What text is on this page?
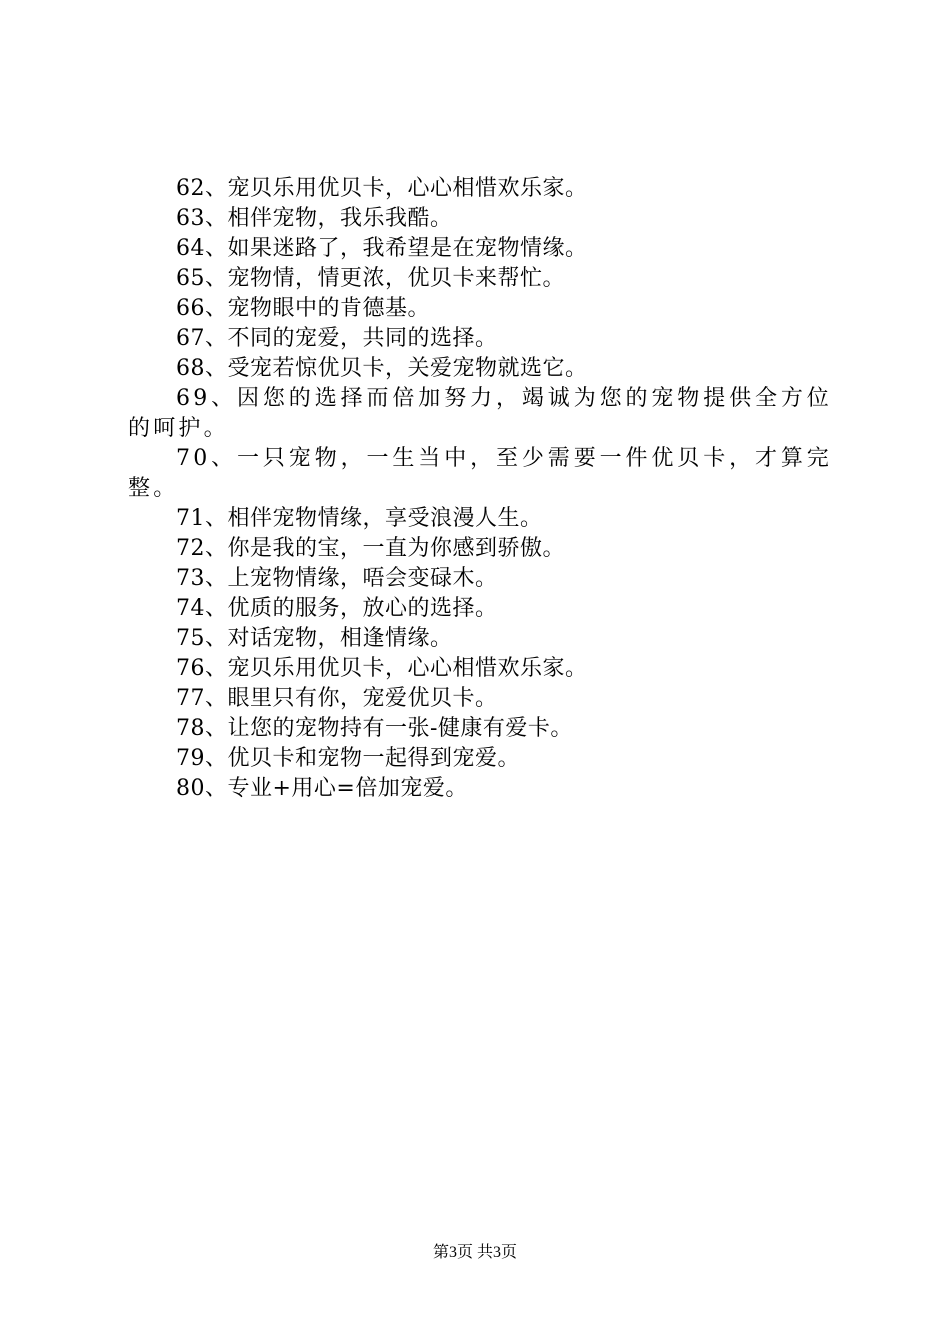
62、宠贝乐用优贝卡，心心相惜欢乐家。

63、相伴宠物，我乐我酷。

64、如果迷路了，我希望是在宠物情缘。

65、宠物情，情更浓，优贝卡来帮忙。

66、宠物眼中的肯德基。

67、不同的宠爱，共同的选择。

68、受宠若惊优贝卡，关爱宠物就选它。

69、因您的选择而倍加努力，竭诚为您的宠物提供全方位的呵护。

70、一只宠物，一生当中，至少需要一件优贝卡，才算完整。

71、相伴宠物情缘，享受浪漫人生。

72、你是我的宝，一直为你感到骄傲。

73、上宠物情缘，唔会变碌木。

74、优质的服务，放心的选择。

75、对话宠物，相逢情缘。

76、宠贝乐用优贝卡，心心相惜欢乐家。

77、眼里只有你，宠爱优贝卡。

78、让您的宠物持有一张-健康有爱卡。

79、优贝卡和宠物一起得到宠爱。

80、专业+用心=倍加宠爱。

第3页 共3页
